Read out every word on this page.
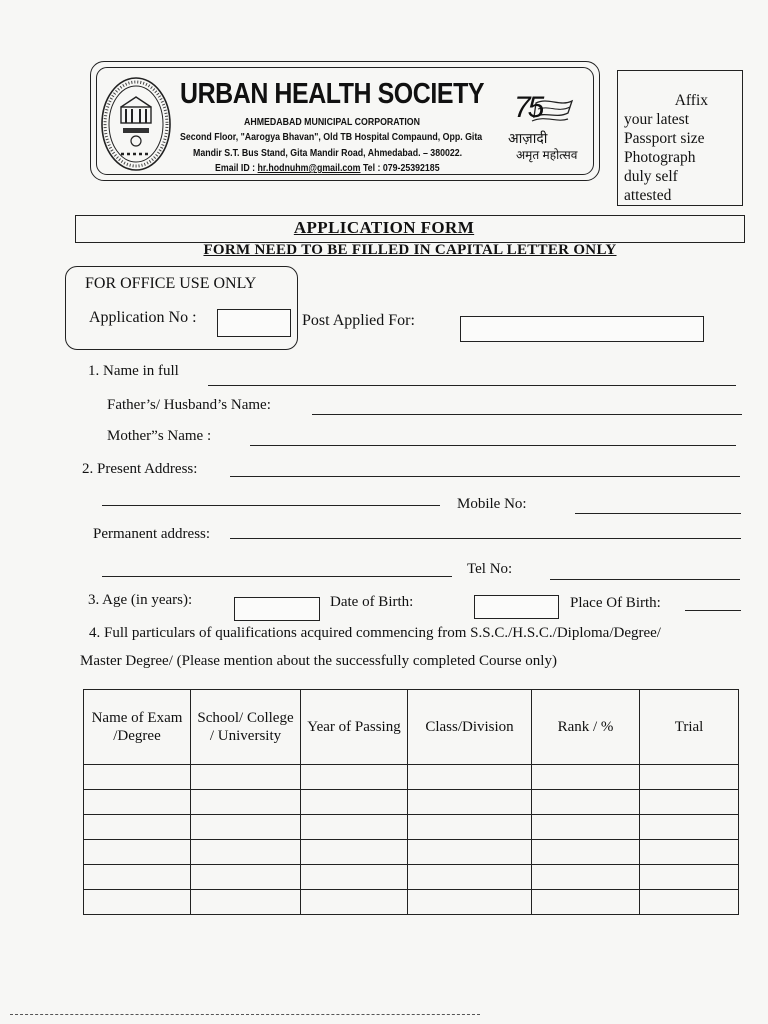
URBAN HEALTH SOCIETY
AHMEDABAD MUNICIPAL CORPORATION
Second Floor, "Aarogya Bhavan", Old TB Hospital Compaund, Opp. Gita
Mandir S.T. Bus Stand, Gita Mandir Road, Ahmedabad. – 380022.
Email ID : hr.hodnuhm@gmail.com Tel : 079-25392185
75
आज़ादी
अमृत महोत्सव
Affix
your latest
Passport size
Photograph
duly self
attested
APPLICATION FORM
FORM NEED TO BE FILLED IN CAPITAL LETTER ONLY
FOR OFFICE USE ONLY
Application No :	Post Applied For:
1. Name in full
Father’s/ Husband’s Name:
Mother”s Name :
2. Present Address:
Mobile No:
Permanent address:
Tel No:
3. Age (in years):	Date of Birth:	Place Of Birth:
4. Full particulars of qualifications acquired commencing from S.S.C./H.S.C./Diploma/Degree/
Master Degree/ (Please mention about the successfully completed Course only)
Name of Exam /Degree	School/ College / University	Year of Passing	Class/Division	Rank / %	Trial
